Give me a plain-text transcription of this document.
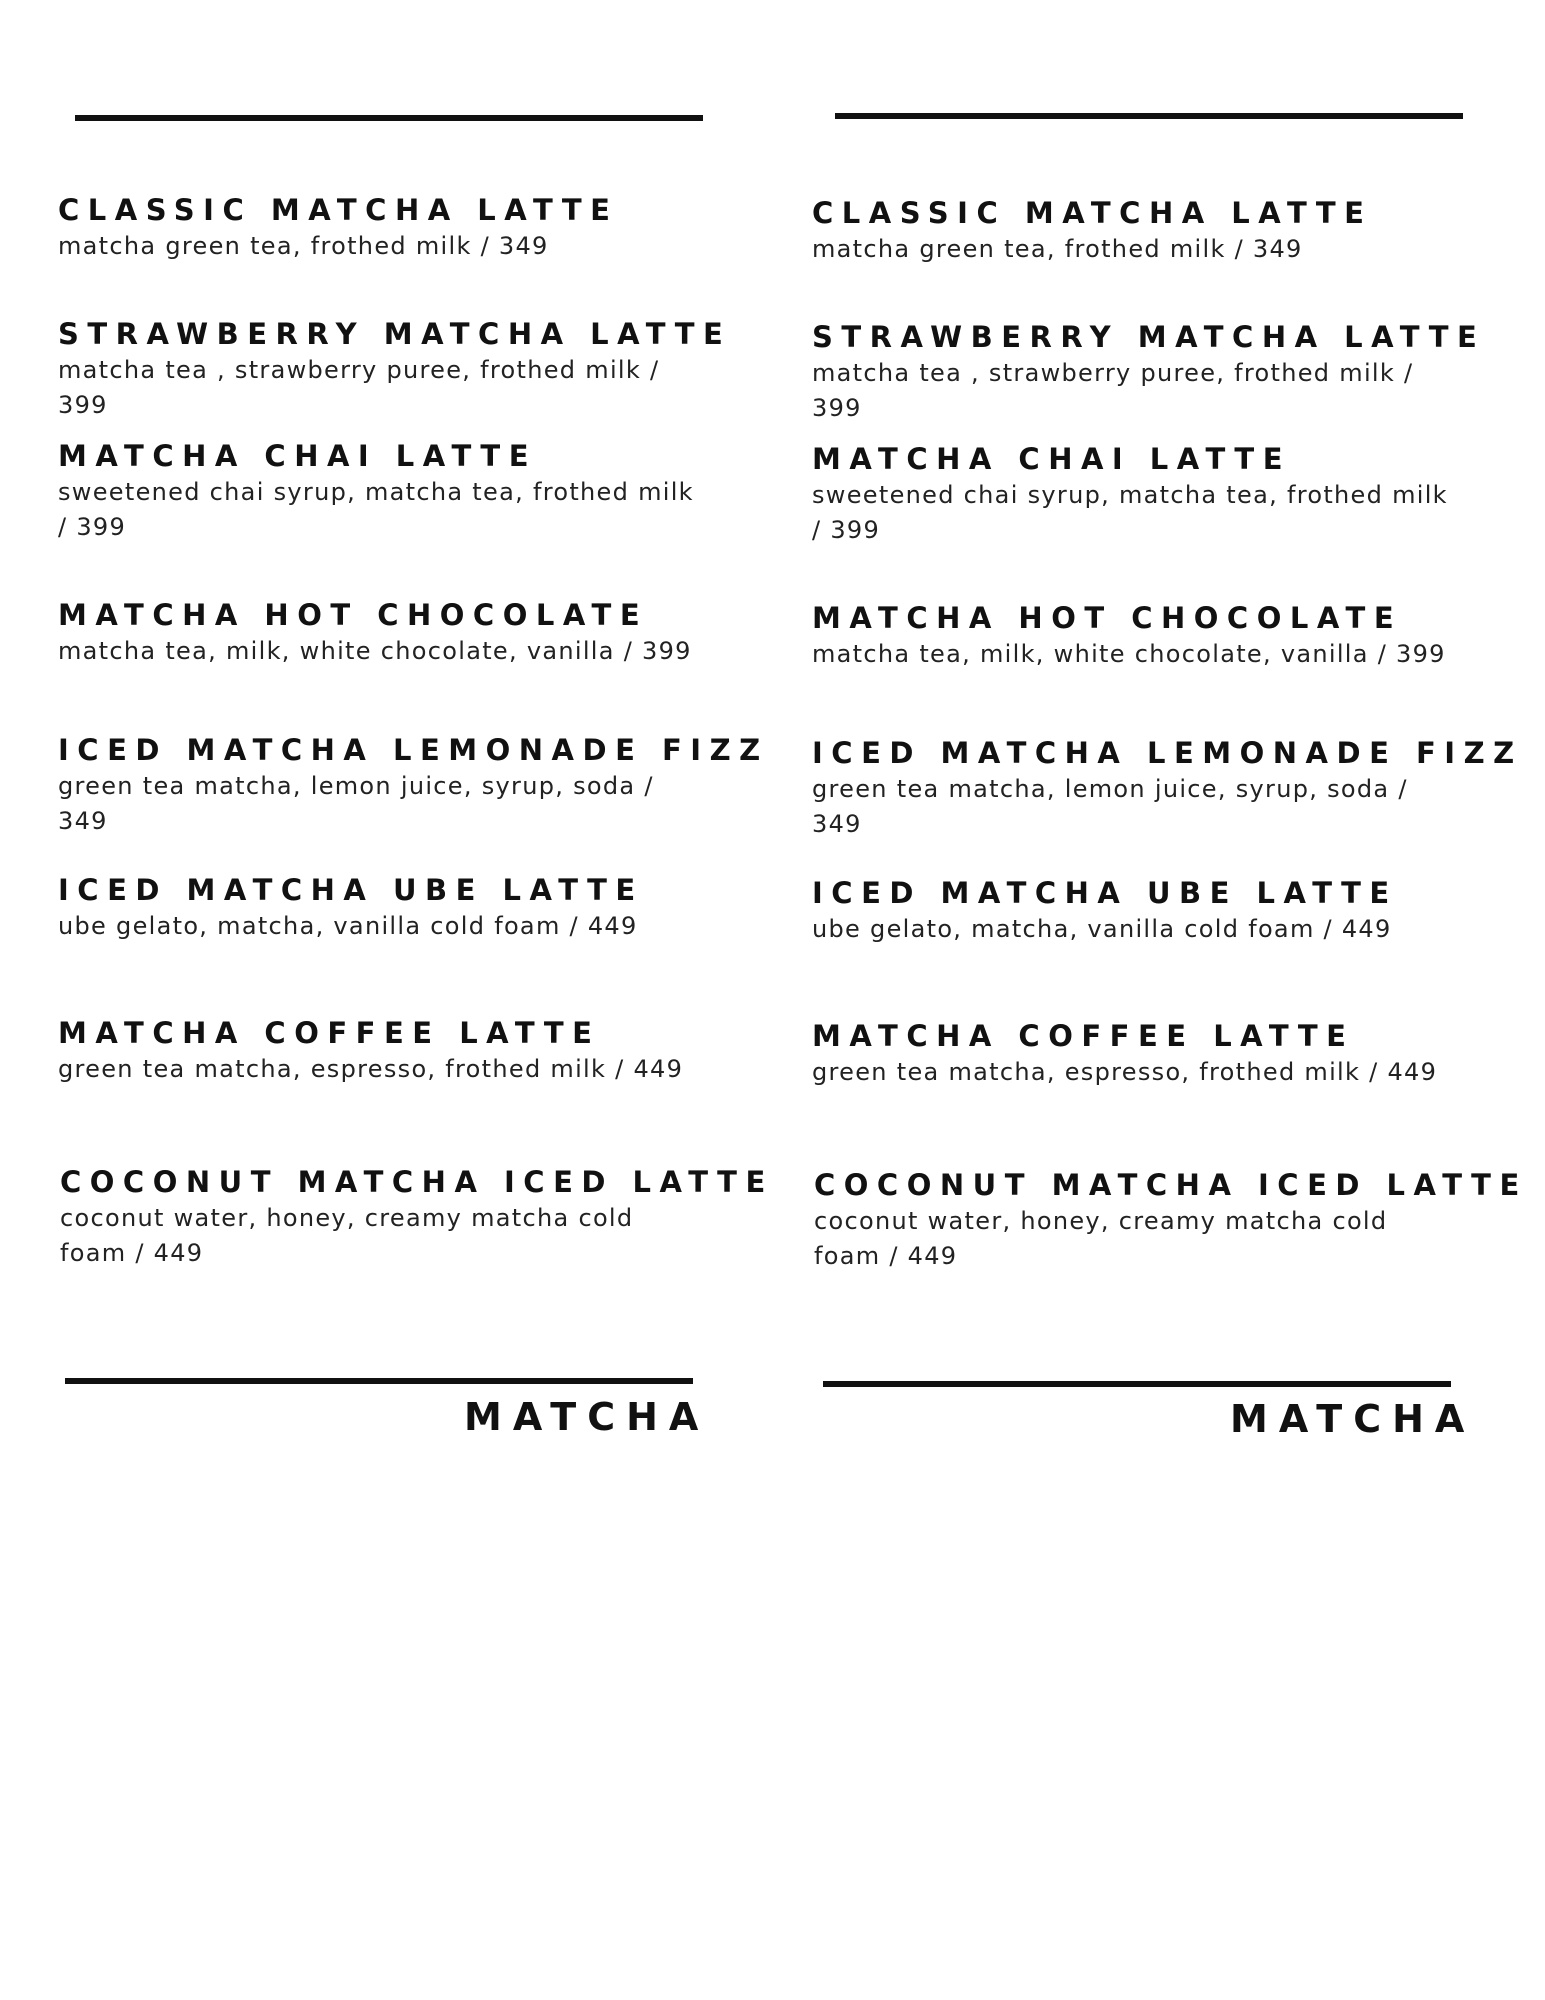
CLASSIC MATCHA LATTE
matcha green tea, frothed milk / 349
STRAWBERRY MATCHA LATTE
matcha tea , strawberry puree, frothed milk / 399
MATCHA CHAI LATTE
sweetened chai syrup, matcha tea, frothed milk / 399
MATCHA HOT CHOCOLATE
matcha tea, milk, white chocolate, vanilla / 399
ICED MATCHA LEMONADE FIZZ
green tea matcha, lemon juice, syrup, soda / 349
ICED MATCHA UBE LATTE
ube gelato, matcha, vanilla cold foam / 449
MATCHA COFFEE LATTE
green tea matcha, espresso, frothed milk / 449
COCONUT MATCHA ICED LATTE
coconut water, honey, creamy matcha cold foam / 449
MATCHA
CLASSIC MATCHA LATTE
matcha green tea, frothed milk / 349
STRAWBERRY MATCHA LATTE
matcha tea , strawberry puree, frothed milk / 399
MATCHA CHAI LATTE
sweetened chai syrup, matcha tea, frothed milk / 399
MATCHA HOT CHOCOLATE
matcha tea, milk, white chocolate, vanilla / 399
ICED MATCHA LEMONADE FIZZ
green tea matcha, lemon juice, syrup, soda / 349
ICED MATCHA UBE LATTE
ube gelato, matcha, vanilla cold foam / 449
MATCHA COFFEE LATTE
green tea matcha, espresso, frothed milk / 449
COCONUT MATCHA ICED LATTE
coconut water, honey, creamy matcha cold foam / 449
MATCHA
